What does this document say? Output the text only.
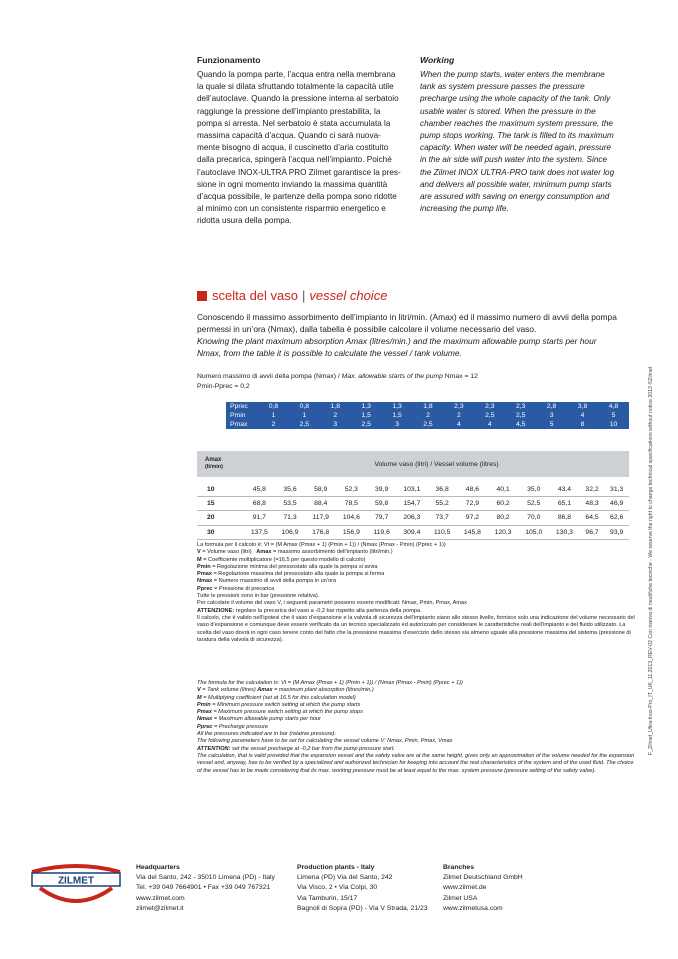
Funzionamento
Quando la pompa parte, l’acqua entra nella membrana
la quale si dilata sfruttando totalmente la capacità utile
dell’autoclave. Quando la pressione interna al serbatoio
raggiunge la pressione dell’impianto prestabilita, la
pompa si arresta. Nel serbatoio è stata accumulata la
massima capacità d’acqua. Quando ci sarà nuova-
mente bisogno di acqua, il cuscinetto d’aria costituito
dalla precarica, spingerà l’acqua nell’impianto. Poiché
l’autoclave INOX-ULTRA PRO Zilmet garantisce la pres-
sione in ogni momento inviando la massima quantità
d’acqua possibile, le partenze della pompa sono ridotte
al minimo con un consistente risparmio energetico e
ridotta usura della pompa.
Working
When the pump starts, water enters the membrane
tank as system pressure passes the pressure
precharge using the whole capacity of the tank. Only
usable water is stored. When the pressure in the
chamber reaches the maximum system pressure, the
pump stops working. The tank is filled to its maximum
capacity. When water will be needed again, pressure
in the air side will push water into the system. Since
the Zilmet INOX ULTRA-PRO tank does not water log
and delivers all possible water, minimum pump starts
are assured with saving on energy consumption and
increasing the pump life.
scelta del vaso | vessel choice
Conoscendo il massimo assorbimento dell’impianto in litri/min. (Amax) ed il massimo numero di avvii della pompa
permessi in un’ora (Nmax), dalla tabella è possibile calcolare il volume necessario del vaso.
Knowing the plant maximum absorption Amax (litres/min.) and the maximum allowable pump starts per hour
Nmax, from the table it is possible to calculate the vessel / tank volume.
Numero massimo di avvii della pompa (Nmax) / Max. allowable starts of the pump Nmax = 12
Pmin-Pprec = 0,2
Pprec	0,8	0,8	1,8	1,3	1,3	1,8	2,3	2,3	2,3	2,8	3,8	4,8
Pmin	1	1	2	1,5	1,5	2	2	2,5	2,5	3	4	5
Pmax	2	2,5	3	2,5	3	2,5	4	4	4,5	5	8	10
Amax
(lt/min)	Volume vaso (litri) / Vessel volume (litres)												

10	45,8	35,6	58,9	52,3	39,9	103,1	36,8	48,6	40,1	35,0	43,4	32,2	31,3
15	68,8	53,5	88,4	78,5	59,8	154,7	55,2	72,9	60,2	52,5	65,1	48,3	46,9
20	91,7	71,3	117,9	104,6	79,7	206,3	73,7	97,2	80,2	70,0	86,8	64,5	62,6
30	137,5	106,9	176,8	156,9	119,6	309,4	110,5	145,8	120,3	105,0	130,3	96,7	93,9
La formula per il calcolo è: Vt = (M Amax (Pmax + 1) (Pmin + 1)) / (Nmax (Pmax - Pmin) (Pprec + 1))
V = Volume vaso (litri) Amax = massimo assorbimento dell’impianto (litri/min.)
M = Coefficiente moltiplicatore (=16,5 per questo modello di calcolo)
Pmin = Regolazione minima del pressostato alla quale la pompa si avvia
Pmax = Regolazione massima del pressostato alla quale la pompa si ferma
Nmax = Numero massimo di avvii della pompa in un’ora
Pprec = Pressione di precarica
Tutte le pressioni sono in bar (pressione relativa).
Per calcolare il volume del vaso V, i seguenti parametri possono essere modificati: Nmax, Pmin, Pmax, Amax
ATTENZIONE: regolare la precarica del vaso a -0,2 bar rispetto alla partenza della pompa.
Il calcolo, che è valido nell’ipotesi che il vaso d’espansione e la valvola di sicurezza dell’impianto siano allo stesso livello, fornisce solo una indicazione del volume necessario del vaso d’espansione e comunque deve essere verificato da un tecnico specializzato ed autorizzato per considerare le caratteristiche reali dell’impianto e del fluido utilizzato. La scelta del vaso dovrà in ogni caso tenere conto del fatto che la pressione massima d’esercizio dello stesso sia almeno uguale alla pressione massima del sistema (pressione di taratura della valvola di sicurezza).
The formula for the calculation is: Vt = (M Amax (Pmax + 1) (Pmin + 1)) / (Nmax (Pmax - Pmin) (Pprec + 1))
V = Tank volume (litres) Amax = maximum plant absorption (litres/min.)
M = Multiplying coefficient (set at 16.5 for this calculation model)
Pmin = Minimum pressure switch setting at which the pump starts
Pmax = Maximum pressure switch setting at which the pump stops
Nmax = Maximum allowable pump starts per hour
Pprec = Precharge pressure
All the pressures indicated are in bar (relative pressure).
The following parameters have to be set for calculating the vessel volume V: Nmax, Pmin, Pmax, Vmax
ATTENTION: set the vessel precharge at -0,2 bar from the pump pressure start.
The calculation, that is valid provided that the expansion vessel and the safety valve are at the same height, gives only an approximation of the volume needed for the expansion vessel and, anyway, has to be verified by a specialized and authorized technician for keeping into account the real characteristics of the system and of the used fluid. The choice of the vessel has to be made considering that its max. working pressure must be at least equal to the max. system pressure (pressure setting of the safety valve).
F_Zilmet_Ultra-Inox-Pro_IT_UK_11.2013_REV-02 Con riserva di modifiche tecniche - We reserve the right to change technical specifications without notice 2013 ©Zilmet
ZILMET
Headquarters
Via del Santo, 242 - 35010 Limena (PD) - Italy
Tel. +39 049 7664901 • Fax +39 049 767321
www.zilmet.com
zilmet@zilmet.it
Production plants - Italy
Limena (PD) Via del Santo, 242
Via Visco, 2 • Via Colpi, 30
Via Tamburin, 15/17
Bagnoli di Sopra (PD) - Via V Strada, 21/23
Branches
Zilmet Deutschland GmbH
www.zilmet.de
Zilmet USA
www.zilmetusa.com
